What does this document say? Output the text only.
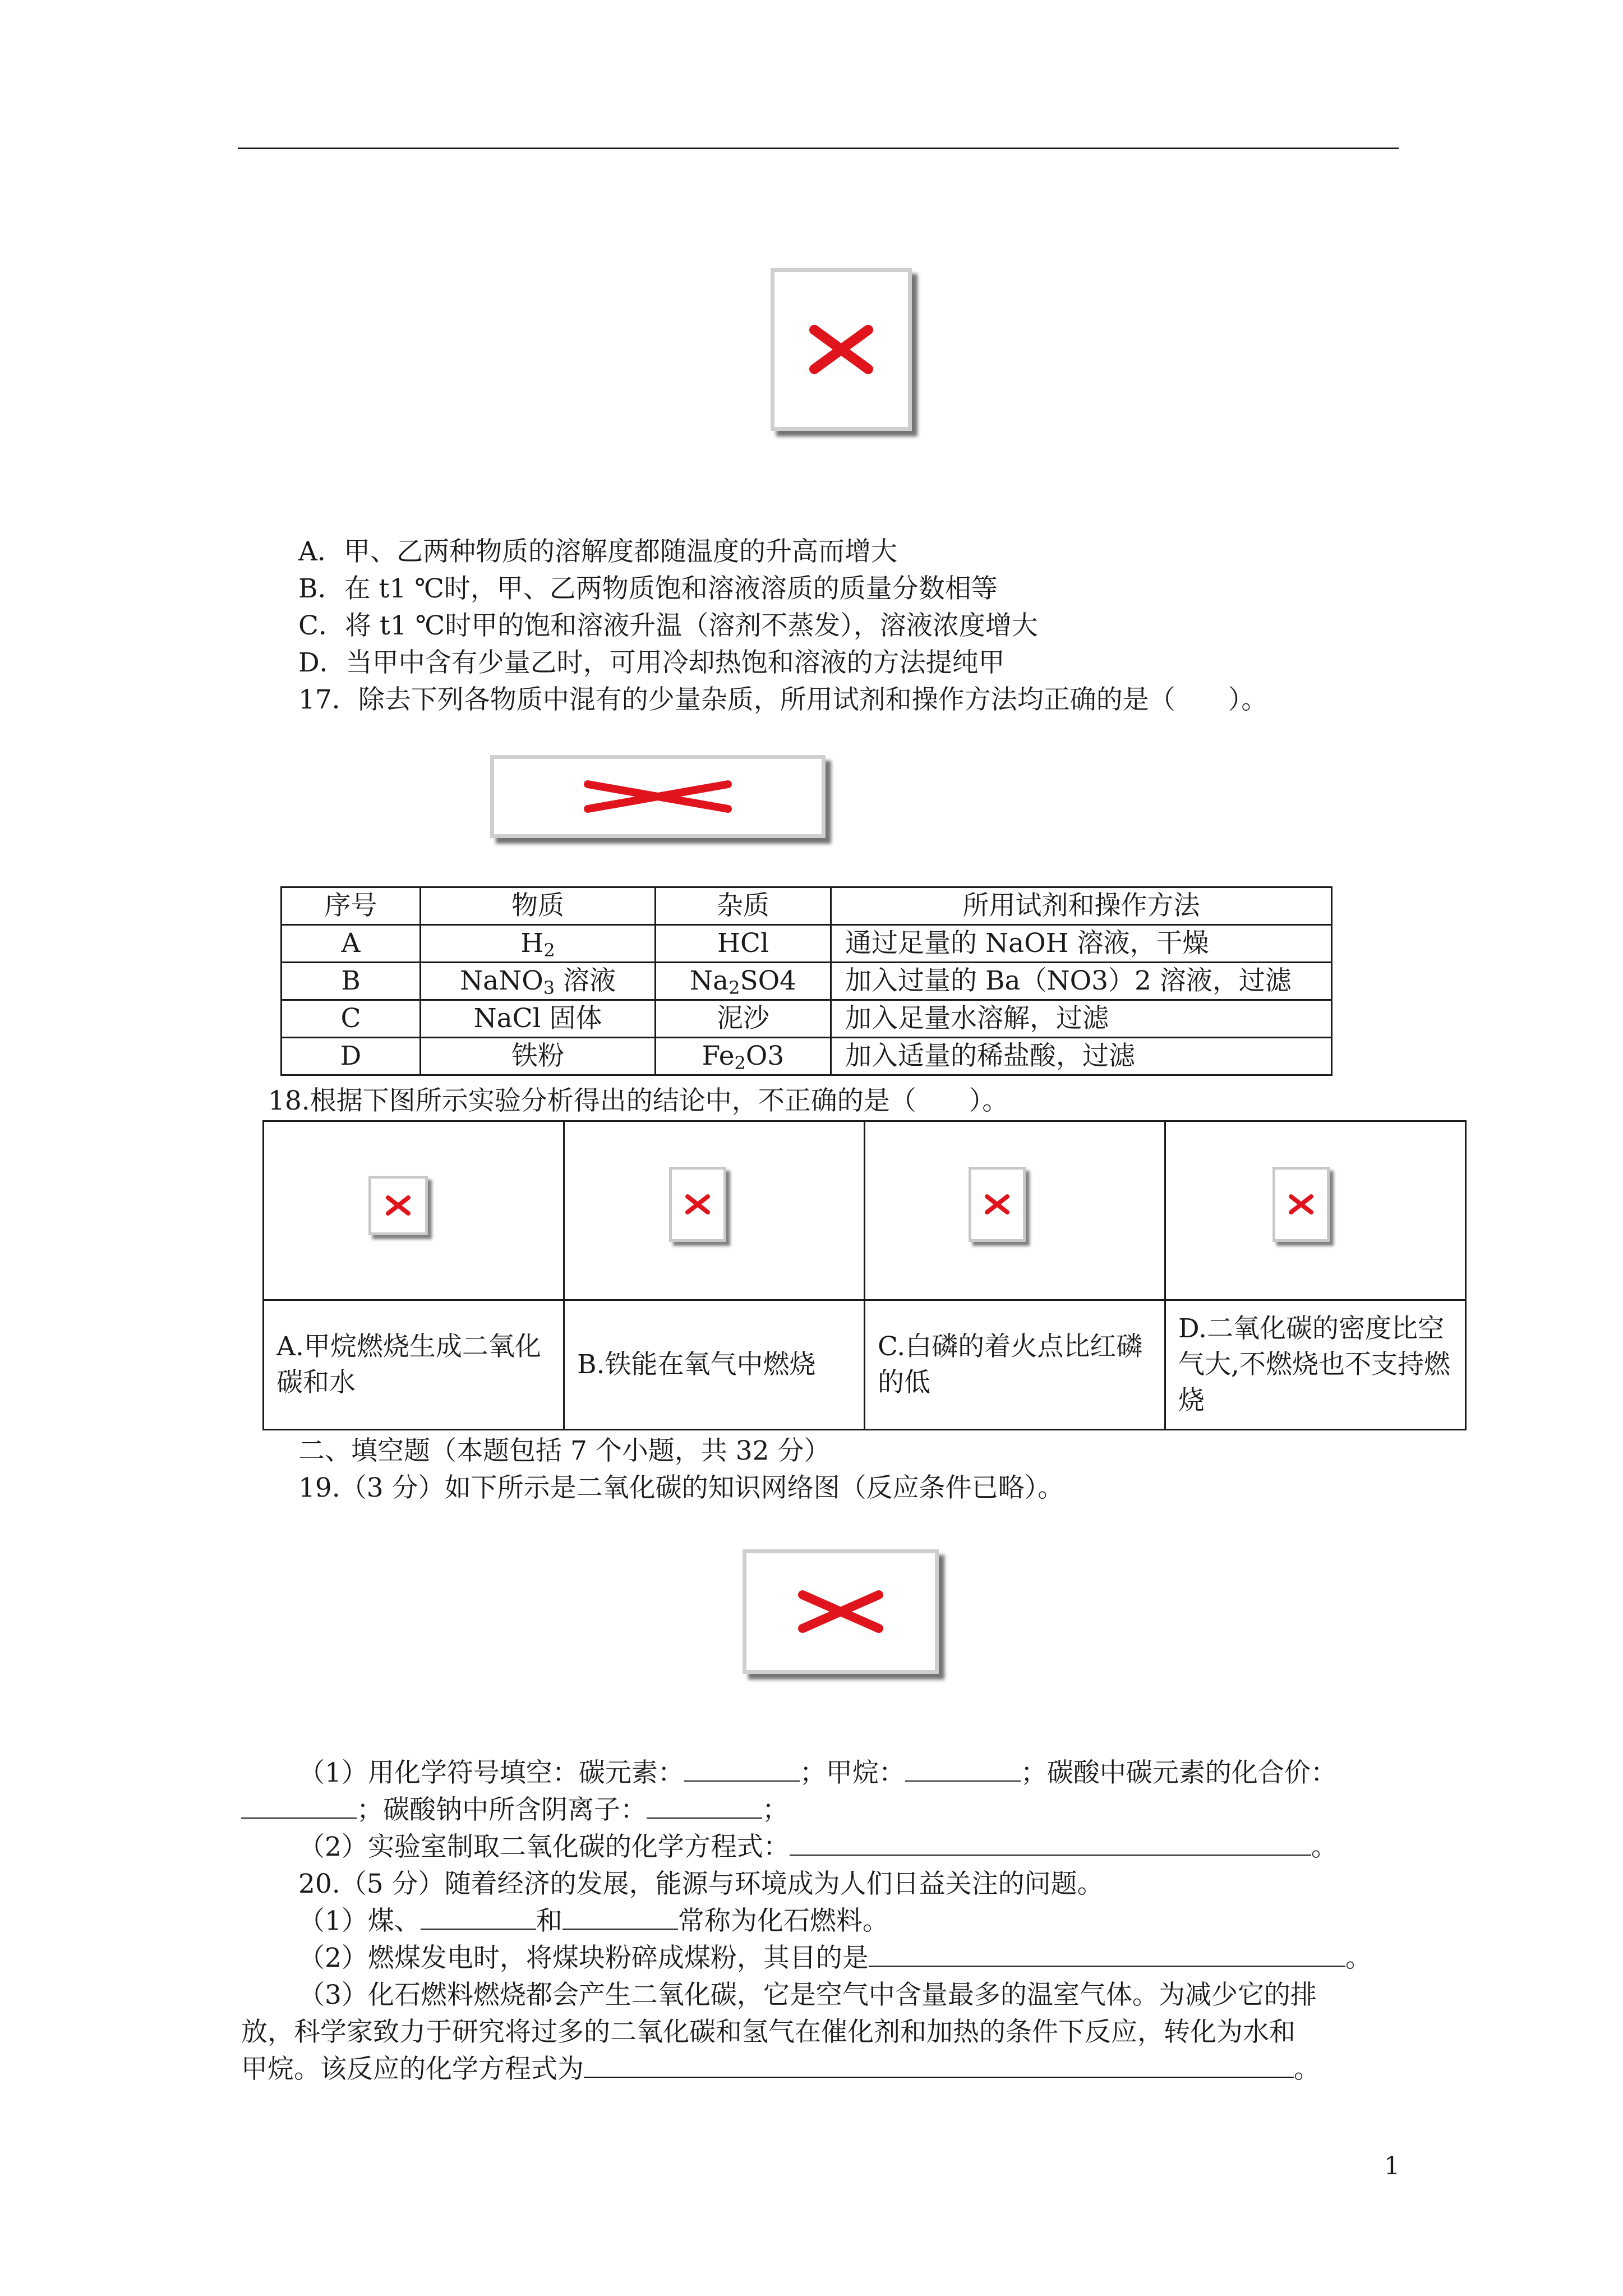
A．甲、乙两种物质的溶解度都随温度的升高而增大
B．在 t1 ℃时，甲、乙两物质饱和溶液溶质的质量分数相等
C．将 t1 ℃时甲的饱和溶液升温（溶剂不蒸发），溶液浓度增大
D．当甲中含有少量乙时，可用冷却热饱和溶液的方法提纯甲
17．除去下列各物质中混有的少量杂质，所用试剂和操作方法均正确的是（　　）。
序号	物质	杂质	所用试剂和操作方法
A	$H_2$	HCl	通过足量的 NaOH 溶液，干燥
B	NaNO$_3$ 溶液	$Na_2SO4$	加入过量的 Ba（NO3）2 溶液，过滤
C	NaCl 固体	泥沙	加入足量水溶解，过滤
D	铁粉	$Fe_2O3$	加入适量的稀盐酸，过滤
18.根据下图所示实验分析得出的结论中，不正确的是（　　）。

A.甲烷燃烧生成二氧化碳和水	B.铁能在氧气中燃烧	C.白磷的着火点比红磷的低	D.二氧化碳的密度比空气大,不燃烧也不支持燃烧
二、填空题（本题包括 7 个小题，共 32 分）
19.（3 分）如下所示是二氧化碳的知识网络图（反应条件已略）。
（1）用化学符号填空：碳元素：	；甲烷：	；碳酸中碳元素的化合价：
；碳酸钠中所含阴离子：	；
（2）实验室制取二氧化碳的化学方程式：	。
20.（5 分）随着经济的发展，能源与环境成为人们日益关注的问题。
（1）煤、	和	常称为化石燃料。
（2）燃煤发电时，将煤块粉碎成煤粉，其目的是	。
（3）化石燃料燃烧都会产生二氧化碳，它是空气中含量最多的温室气体。为减少它的排
放，科学家致力于研究将过多的二氧化碳和氢气在催化剂和加热的条件下反应，转化为水和
甲烷。该反应的化学方程式为	。
1
